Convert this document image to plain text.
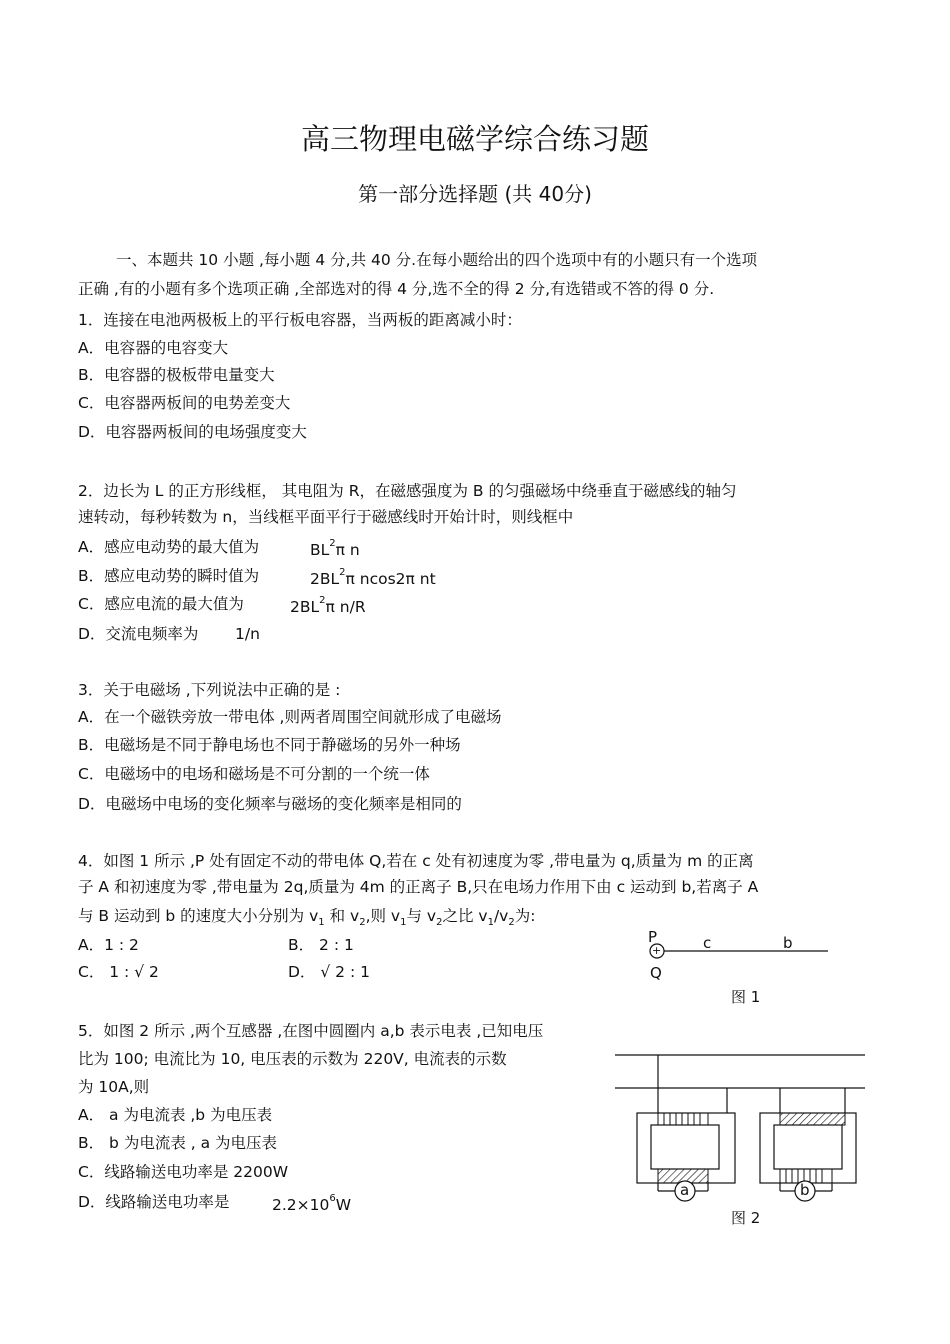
高三物理电磁学综合练习题
第一部分选择题 (共 40分)
一、本题共 10 小题 ,每小题 4 分,共 40 分.在每小题给出的四个选项中有的小题只有一个选项
正确 ,有的小题有多个选项正确 ,全部选对的得 4 分,选不全的得 2 分,有选错或不答的得 0 分.
1．连接在电池两极板上的平行板电容器，当两板的距离减小时：
A．电容器的电容变大
B．电容器的极板带电量变大
C．电容器两板间的电势差变大
D．电容器两板间的电场强度变大
2．边长为 L 的正方形线框， 其电阻为 R，在磁感强度为 B 的匀强磁场中绕垂直于磁感线的轴匀
速转动，每秒转数为 n，当线框平面平行于磁感线时开始计时，则线框中
A．感应电动势的最大值为	$BL^2\pi$ n
B．感应电动势的瞬时值为	$2BL^2\pi$ ncos2π nt
C．感应电流的最大值为	$2BL^2\pi$ n/R
D．交流电频率为 1/n
3．关于电磁场 ,下列说法中正确的是 :
A．在一个磁铁旁放一带电体 ,则两者周围空间就形成了电磁场
B．电磁场是不同于静电场也不同于静磁场的另外一种场
C．电磁场中的电场和磁场是不可分割的一个统一体
D．电磁场中电场的变化频率与磁场的变化频率是相同的
4．如图 1 所示 ,P 处有固定不动的带电体 Q,若在 c 处有初速度为零 ,带电量为 q,质量为 m 的正离
子 A 和初速度为零 ,带电量为 2q,质量为 4m 的正离子 B,只在电场力作用下由 c 运动到 b,若离子 A
与 B 运动到 b 的速度大小分别为 $v_1$ 和 $v_2$,则 $v_1$与 $v_2$之比 $v_1/v_2$为:
A．1 : 2	B． 2 : 1
C． 1 : √ 2	D． √ 2 : 1
P
+
Q
c	b
图 1
5．如图 2 所示 ,两个互感器 ,在图中圆圈内 a,b 表示电表 ,已知电压
比为 100; 电流比为 10, 电压表的示数为 220V, 电流表的示数
为 10A,则
A． a 为电流表 ,b 为电压表
B． b 为电流表 , a 为电压表
C．线路输送电功率是 2200W
D．线路输送电功率是	$2.2\times 10^6W$
a	b
图 2
